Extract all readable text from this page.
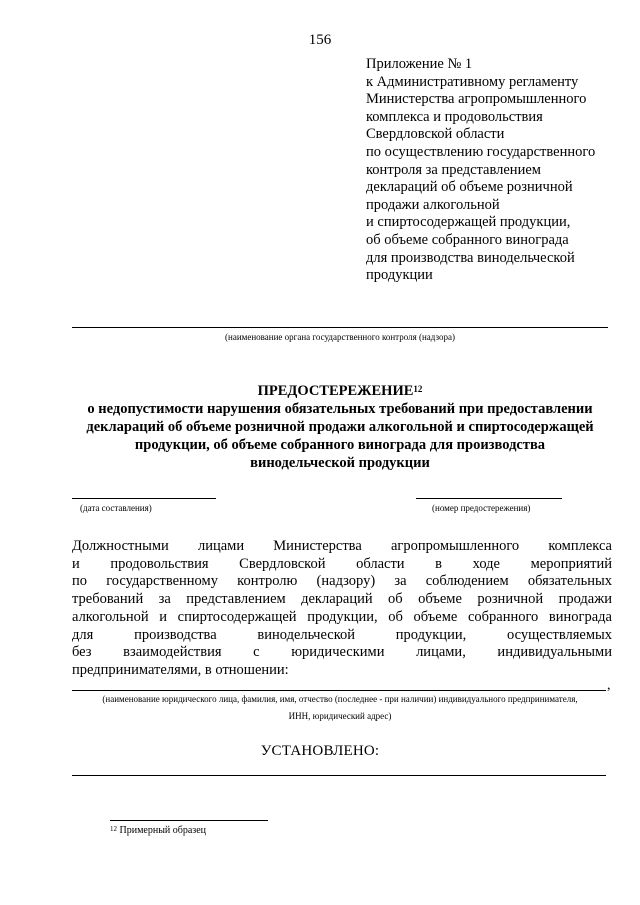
156
Приложение № 1
к Административному регламенту
Министерства агропромышленного
комплекса и продовольствия
Свердловской области
по осуществлению государственного
контроля за представлением
деклараций об объеме розничной
продажи алкогольной
и спиртосодержащей продукции,
об объеме собранного винограда
для производства винодельческой
продукции
(наименование органа государственного контроля (надзора)
ПРЕДОСТЕРЕЖЕНИЕ$^{12}$
о недопустимости нарушения обязательных требований при предоставлении
деклараций об объеме розничной продажи алкогольной и спиртосодержащей
продукции, об объеме собранного винограда для производства
винодельческой продукции
(дата составления)	(номер предостережения)
Должностными лицами Министерства агропромышленного комплекса
и продовольствия Свердловской области в ходе мероприятий
по государственному контролю (надзору) за соблюдением обязательных
требований за представлением деклараций об объеме розничной продажи
алкогольной и спиртосодержащей продукции, об объеме собранного винограда
для производства винодельческой продукции, осуществляемых
без взаимодействия с юридическими лицами, индивидуальными
предпринимателями, в отношении:
,
(наименование юридического лица, фамилия, имя, отчество (последнее - при наличии) индивидуального предпринимателя,
ИНН, юридический адрес)
УСТАНОВЛЕНО:
$^{12}$ Примерный образец
